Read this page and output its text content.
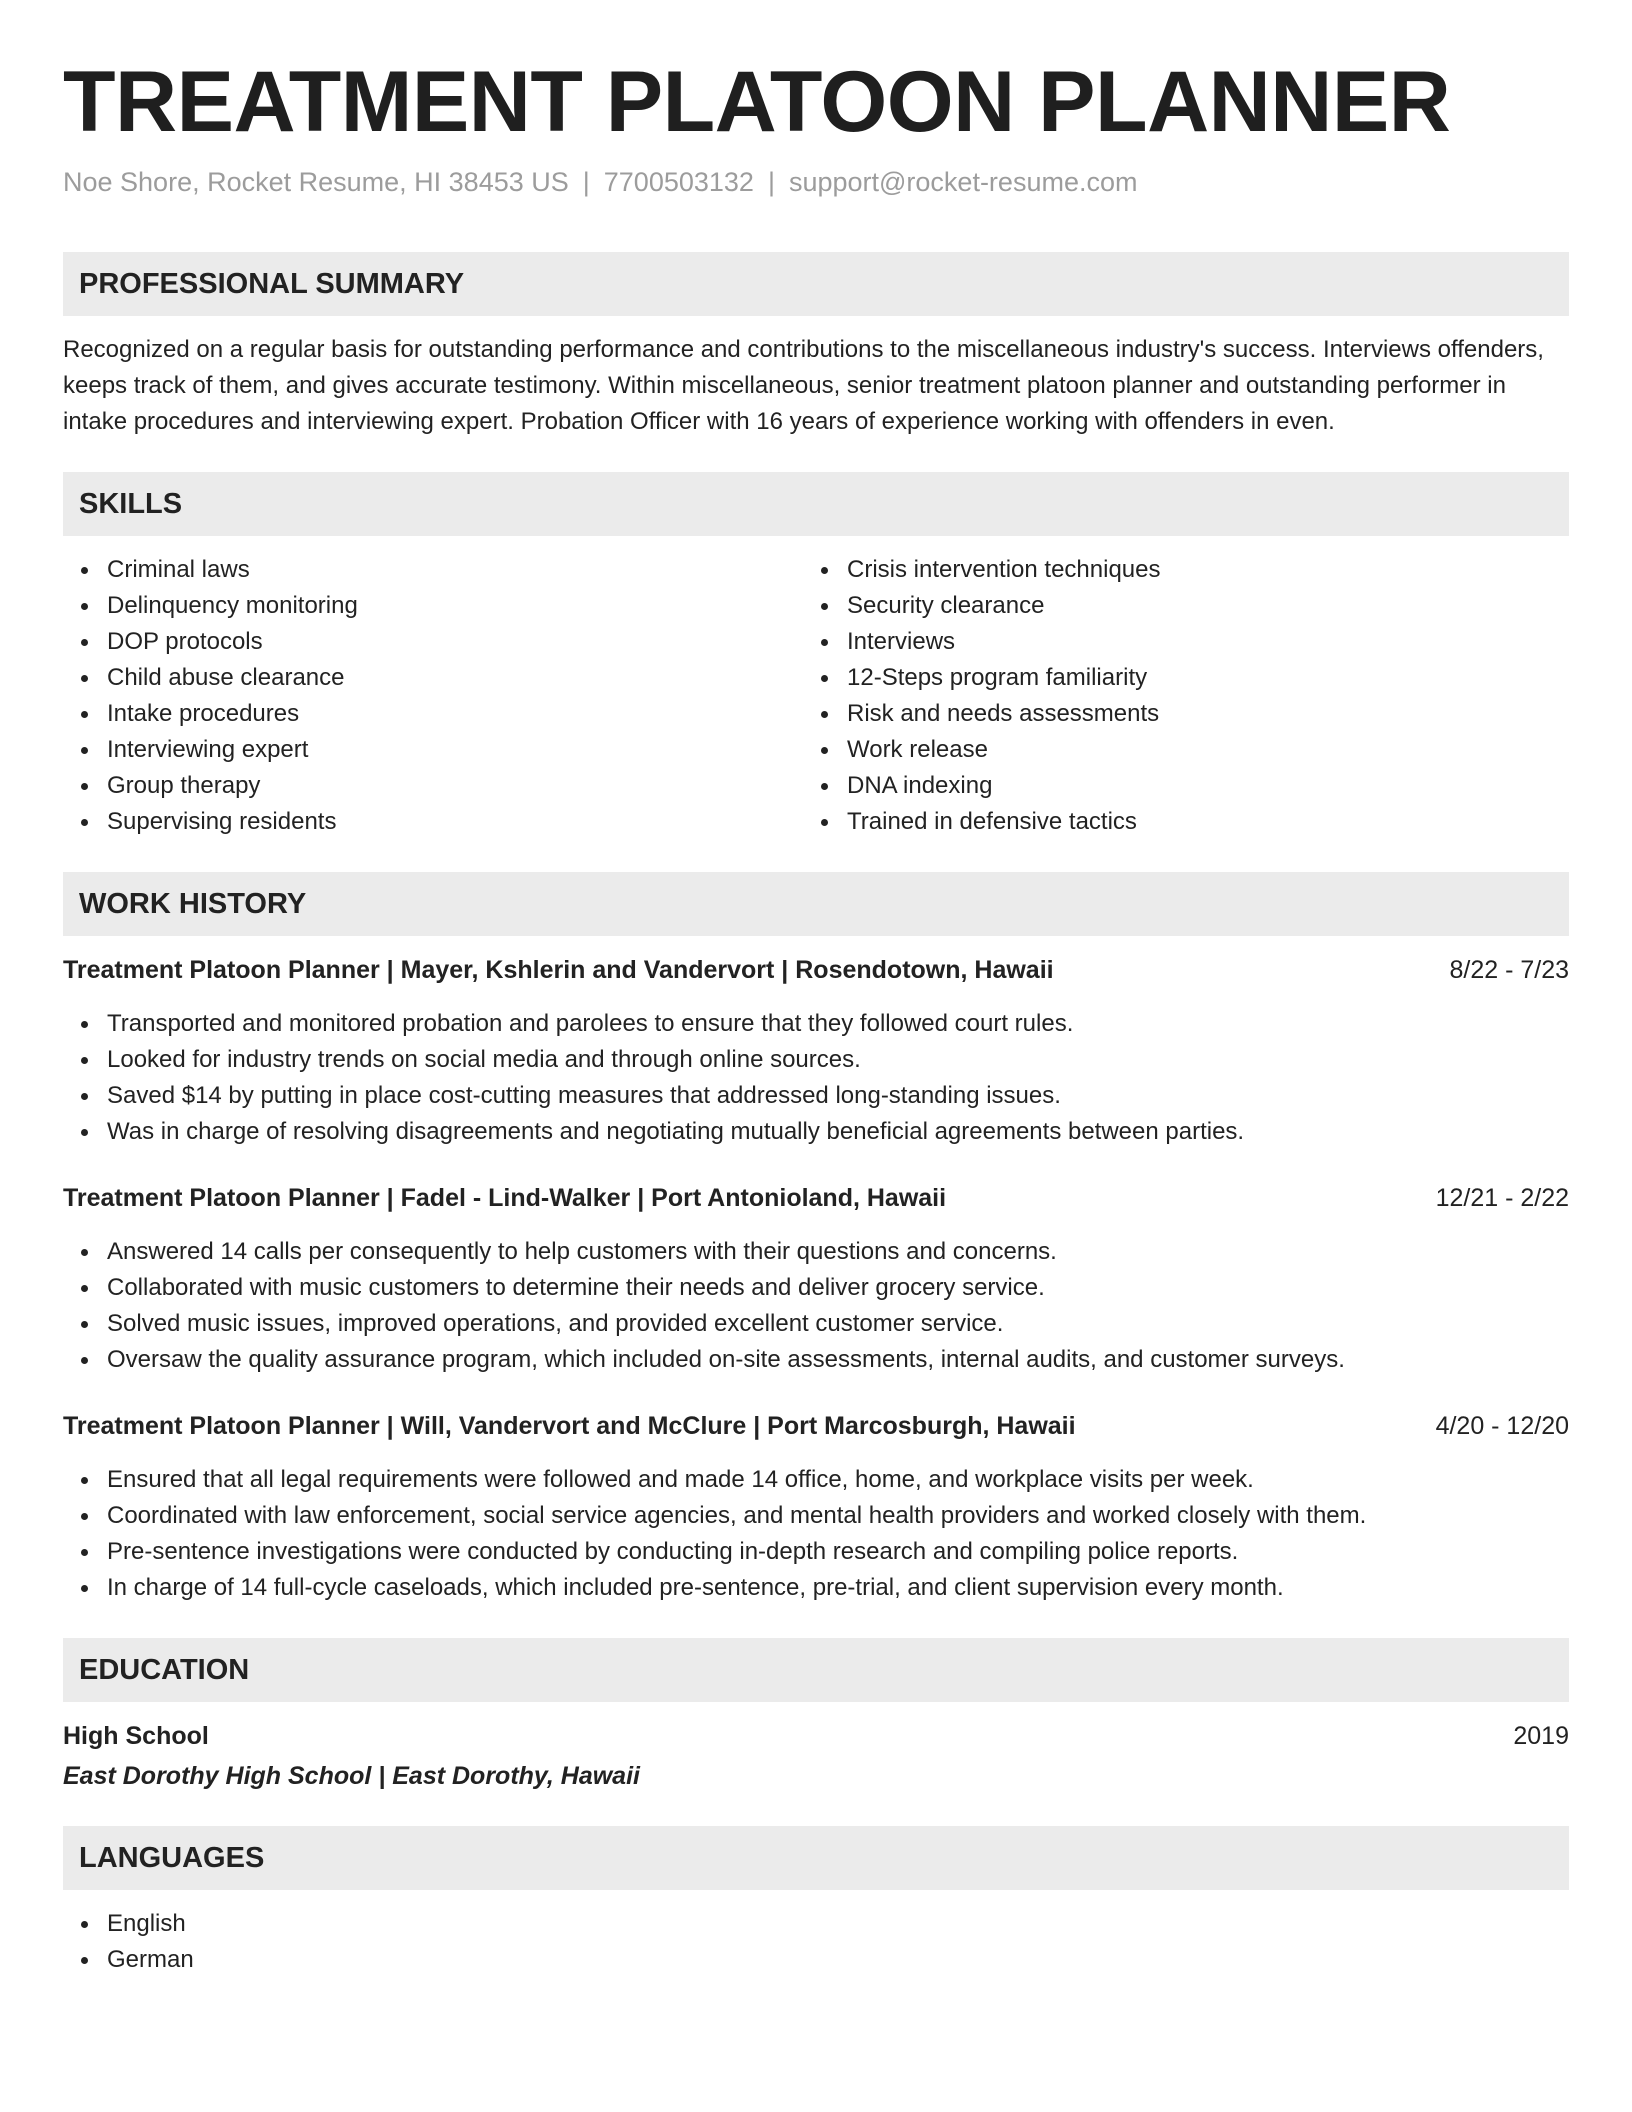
TREATMENT PLATOON PLANNER
Noe Shore, Rocket Resume, HI 38453 US | 7700503132 | support@rocket-resume.com
PROFESSIONAL SUMMARY
Recognized on a regular basis for outstanding performance and contributions to the miscellaneous industry's success. Interviews offenders, keeps track of them, and gives accurate testimony. Within miscellaneous, senior treatment platoon planner and outstanding performer in intake procedures and interviewing expert. Probation Officer with 16 years of experience working with offenders in even.
SKILLS
Criminal laws
Delinquency monitoring
DOP protocols
Child abuse clearance
Intake procedures
Interviewing expert
Group therapy
Supervising residents
Crisis intervention techniques
Security clearance
Interviews
12-Steps program familiarity
Risk and needs assessments
Work release
DNA indexing
Trained in defensive tactics
WORK HISTORY
Treatment Platoon Planner | Mayer, Kshlerin and Vandervort | Rosendotown, Hawaii	8/22 - 7/23
Transported and monitored probation and parolees to ensure that they followed court rules.
Looked for industry trends on social media and through online sources.
Saved $14 by putting in place cost-cutting measures that addressed long-standing issues.
Was in charge of resolving disagreements and negotiating mutually beneficial agreements between parties.
Treatment Platoon Planner | Fadel - Lind-Walker | Port Antonioland, Hawaii	12/21 - 2/22
Answered 14 calls per consequently to help customers with their questions and concerns.
Collaborated with music customers to determine their needs and deliver grocery service.
Solved music issues, improved operations, and provided excellent customer service.
Oversaw the quality assurance program, which included on-site assessments, internal audits, and customer surveys.
Treatment Platoon Planner | Will, Vandervort and McClure | Port Marcosburgh, Hawaii	4/20 - 12/20
Ensured that all legal requirements were followed and made 14 office, home, and workplace visits per week.
Coordinated with law enforcement, social service agencies, and mental health providers and worked closely with them.
Pre-sentence investigations were conducted by conducting in-depth research and compiling police reports.
In charge of 14 full-cycle caseloads, which included pre-sentence, pre-trial, and client supervision every month.
EDUCATION
High School	2019
East Dorothy High School | East Dorothy, Hawaii
LANGUAGES
English
German
